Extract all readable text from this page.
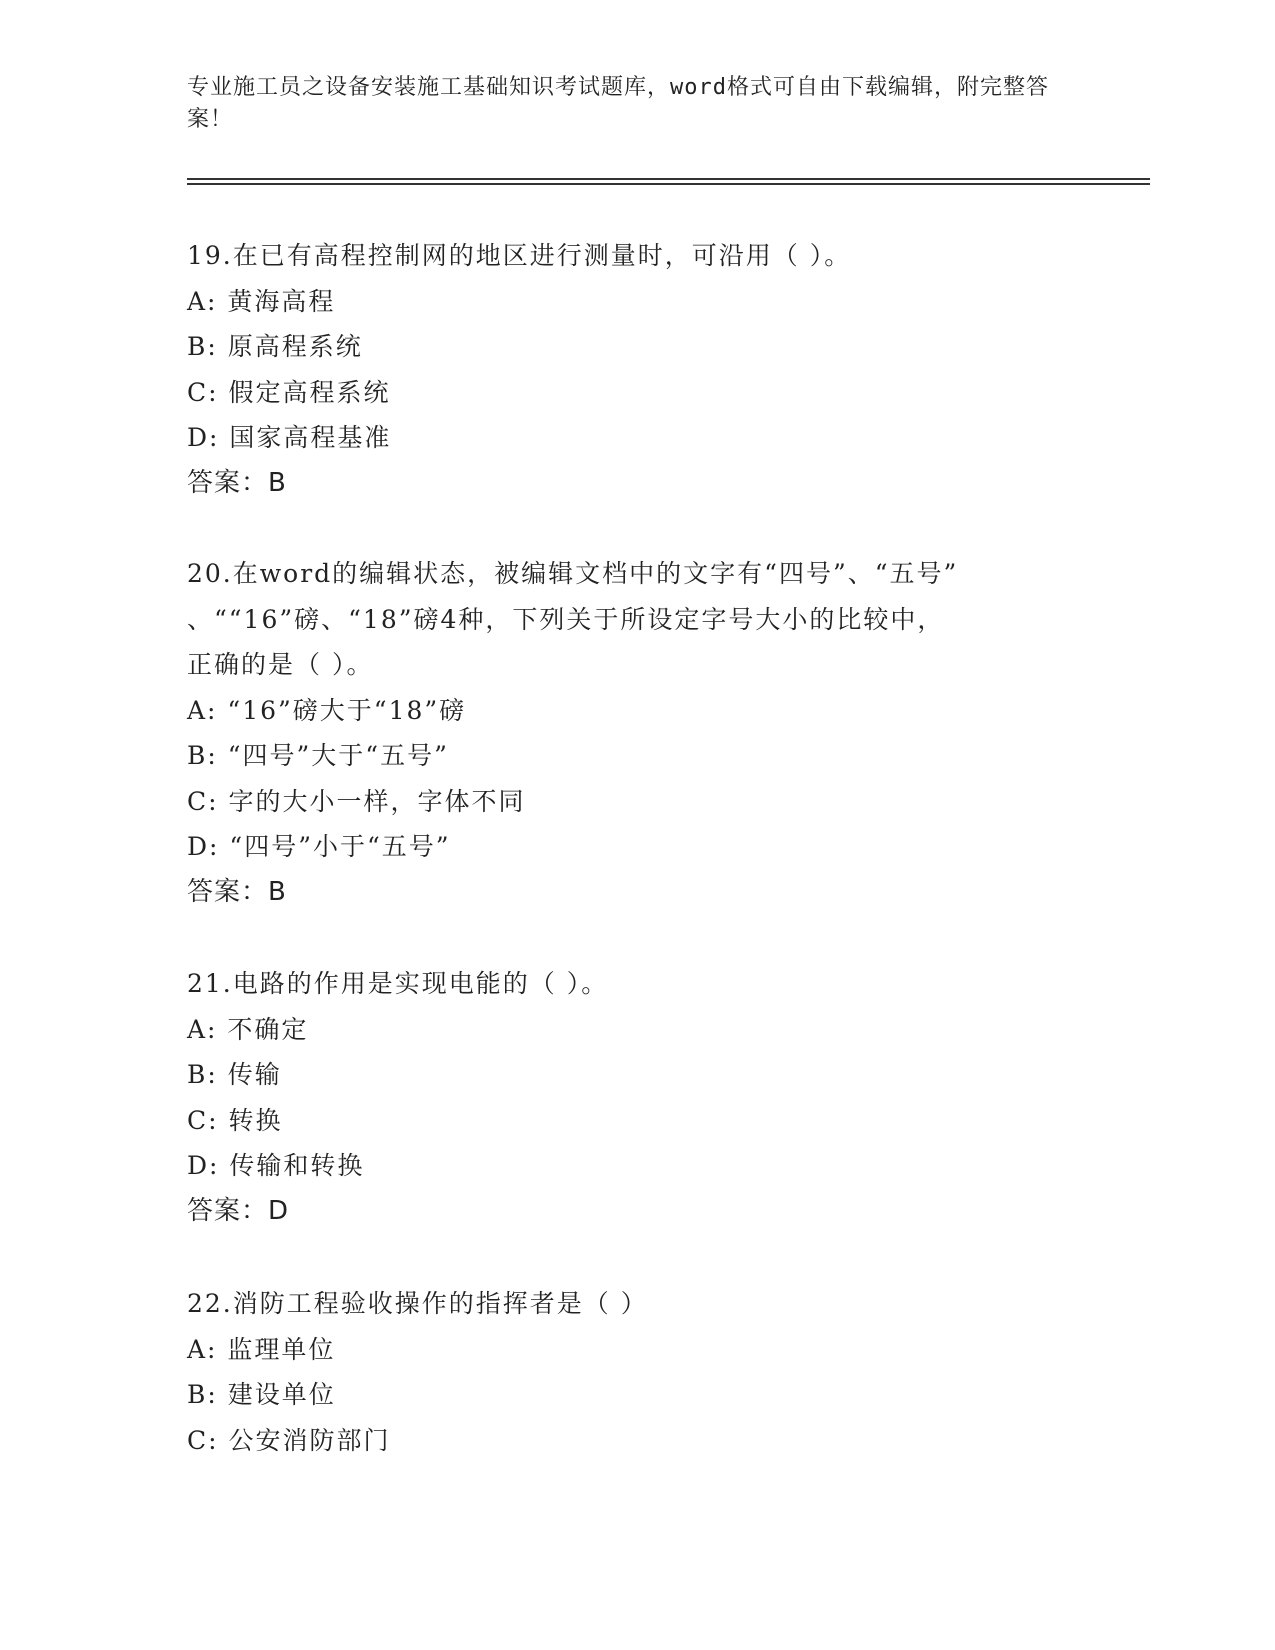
专业施工员之设备安装施工基础知识考试题库，word格式可自由下载编辑，附完整答案！
19.在已有高程控制网的地区进行测量时，可沿用（ ）。
A: 黄海高程
B: 原高程系统
C: 假定高程系统
D: 国家高程基准
答案：B
20.在word的编辑状态，被编辑文档中的文字有“四号”、“五号”
、““16”磅、“18”磅4种，下列关于所设定字号大小的比较中，
正确的是（ ）。
A: “16”磅大于“18”磅
B: “四号”大于“五号”
C: 字的大小一样，字体不同
D: “四号”小于“五号”
答案：B
21.电路的作用是实现电能的（ ）。
A: 不确定
B: 传输
C: 转换
D: 传输和转换
答案：D
22.消防工程验收操作的指挥者是（ ）
A: 监理单位
B: 建设单位
C: 公安消防部门
